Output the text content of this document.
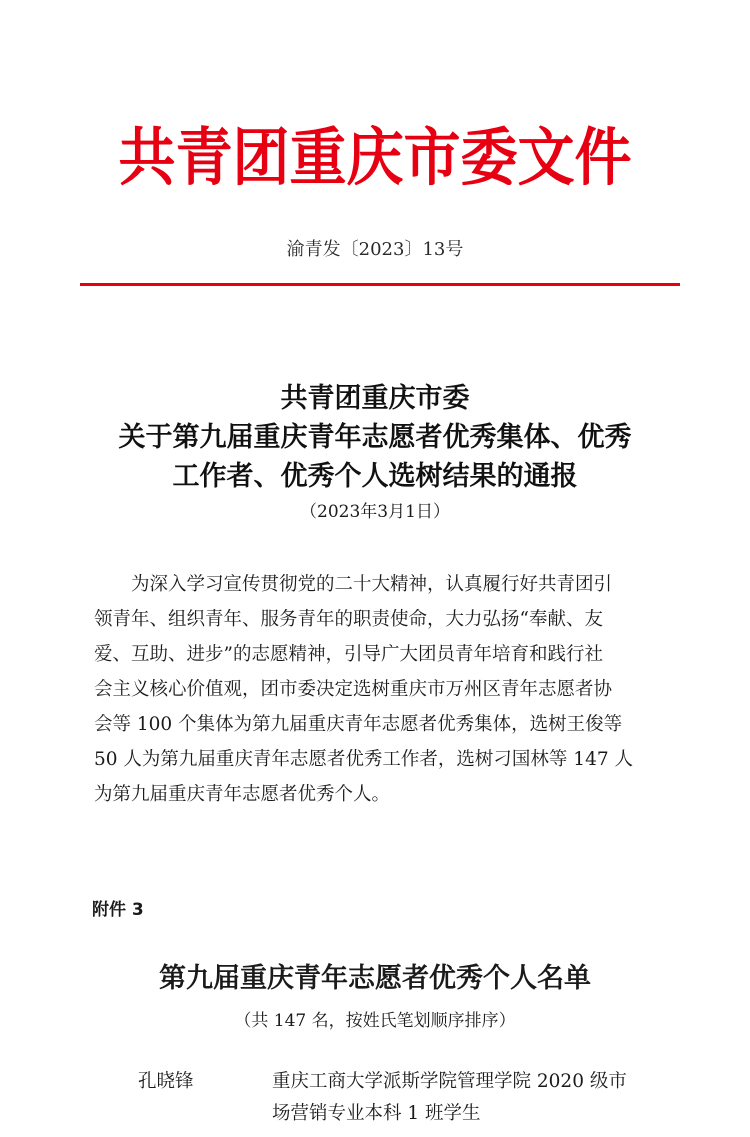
共青团重庆市委文件
渝青发〔2023〕13号
共青团重庆市委
关于第九届重庆青年志愿者优秀集体、优秀
工作者、优秀个人选树结果的通报
（2023年3月1日）
为深入学习宣传贯彻党的二十大精神，认真履行好共青团引
领青年、组织青年、服务青年的职责使命，大力弘扬“奉献、友
爱、互助、进步”的志愿精神，引导广大团员青年培育和践行社
会主义核心价值观，团市委决定选树重庆市万州区青年志愿者协
会等 100 个集体为第九届重庆青年志愿者优秀集体，选树王俊等
50 人为第九届重庆青年志愿者优秀工作者，选树刁国林等 147 人
为第九届重庆青年志愿者优秀个人。
附件 3
第九届重庆青年志愿者优秀个人名单
（共 147 名，按姓氏笔划顺序排序）
孔晓锋	重庆工商大学派斯学院管理学院 2020 级市
场营销专业本科 1 班学生
